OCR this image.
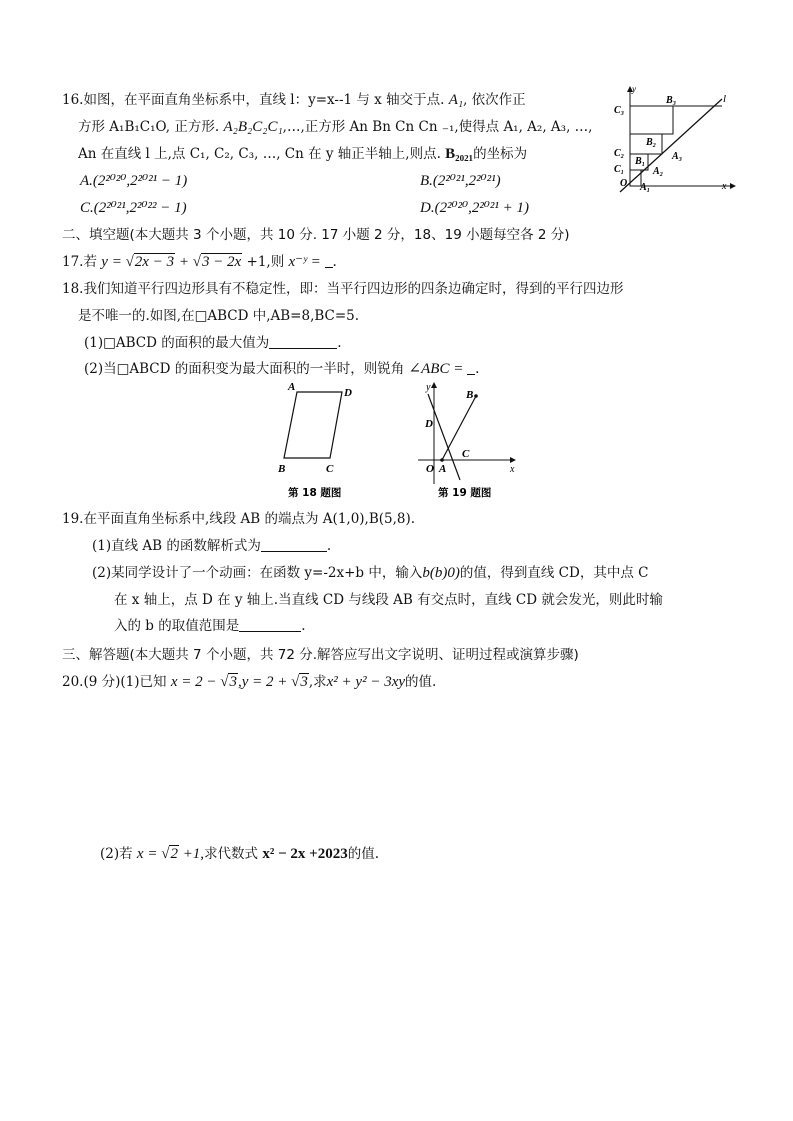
16.如图，在平面直角坐标系中，直线 l：y=x--1 与 x 轴交于点. A₁, 依次作正
方形 A₁B₁C₁O, 正方形. A₂B₂C₂C₁,…,正方形 An Bn Cn Cn ₋₁,使得点 A₁, A₂, A₃, …,
An 在直线 l 上,点 C₁, C₂, C₃, …, Cn 在 y 轴正半轴上,则点. B₂₀₂₁的坐标为
A.(2²⁰²⁰,2²⁰²¹ − 1)	B.(2²⁰²¹,2²⁰²¹)
C.(2²⁰²¹,2²⁰²² − 1)	D.(2²⁰²⁰,2²⁰²¹ + 1)
y
C₃
B₃	l
C₂
B₂
A₃
C₁
B₁
A₂
O A₁	x
二、填空题(本大题共 3 个小题，共 10 分. 17 小题 2 分，18、19 小题每空各 2 分)
17.若 y = √2x − 3 + √3 − 2x +1,则 x⁻ʸ = .
18.我们知道平行四边形具有不稳定性，即：当平行四边形的四条边确定时，得到的平行四边形
是不唯一的.如图,在□ABCD 中,AB=8,BC=5.
(1)□ABCD 的面积的最大值为	.
(2)当□ABCD 的面积变为最大面积的一半时，则锐角 ∠ABC = .
A	D
B	C
第 18 题图
y
B
D
C
O A	x
第 19 题图
19.在平面直角坐标系中,线段 AB 的端点为 A(1,0),B(5,8).
(1)直线 AB 的函数解析式为	.
(2)某同学设计了一个动画：在函数 y=-2x+b 中，输入b(b)0)的值，得到直线 CD，其中点 C
在 x 轴上，点 D 在 y 轴上.当直线 CD 与线段 AB 有交点时，直线 CD 就会发光，则此时输
入的 b 的取值范围是	.
三、解答题(本大题共 7 个小题，共 72 分.解答应写出文字说明、证明过程或演算步骤)
20.(9 分)(1)已知 x = 2 − √3,y = 2 + √3,求x² + y² − 3xy的值.
(2)若 x = √2 +1,求代数式 x² − 2x +2023的值.
